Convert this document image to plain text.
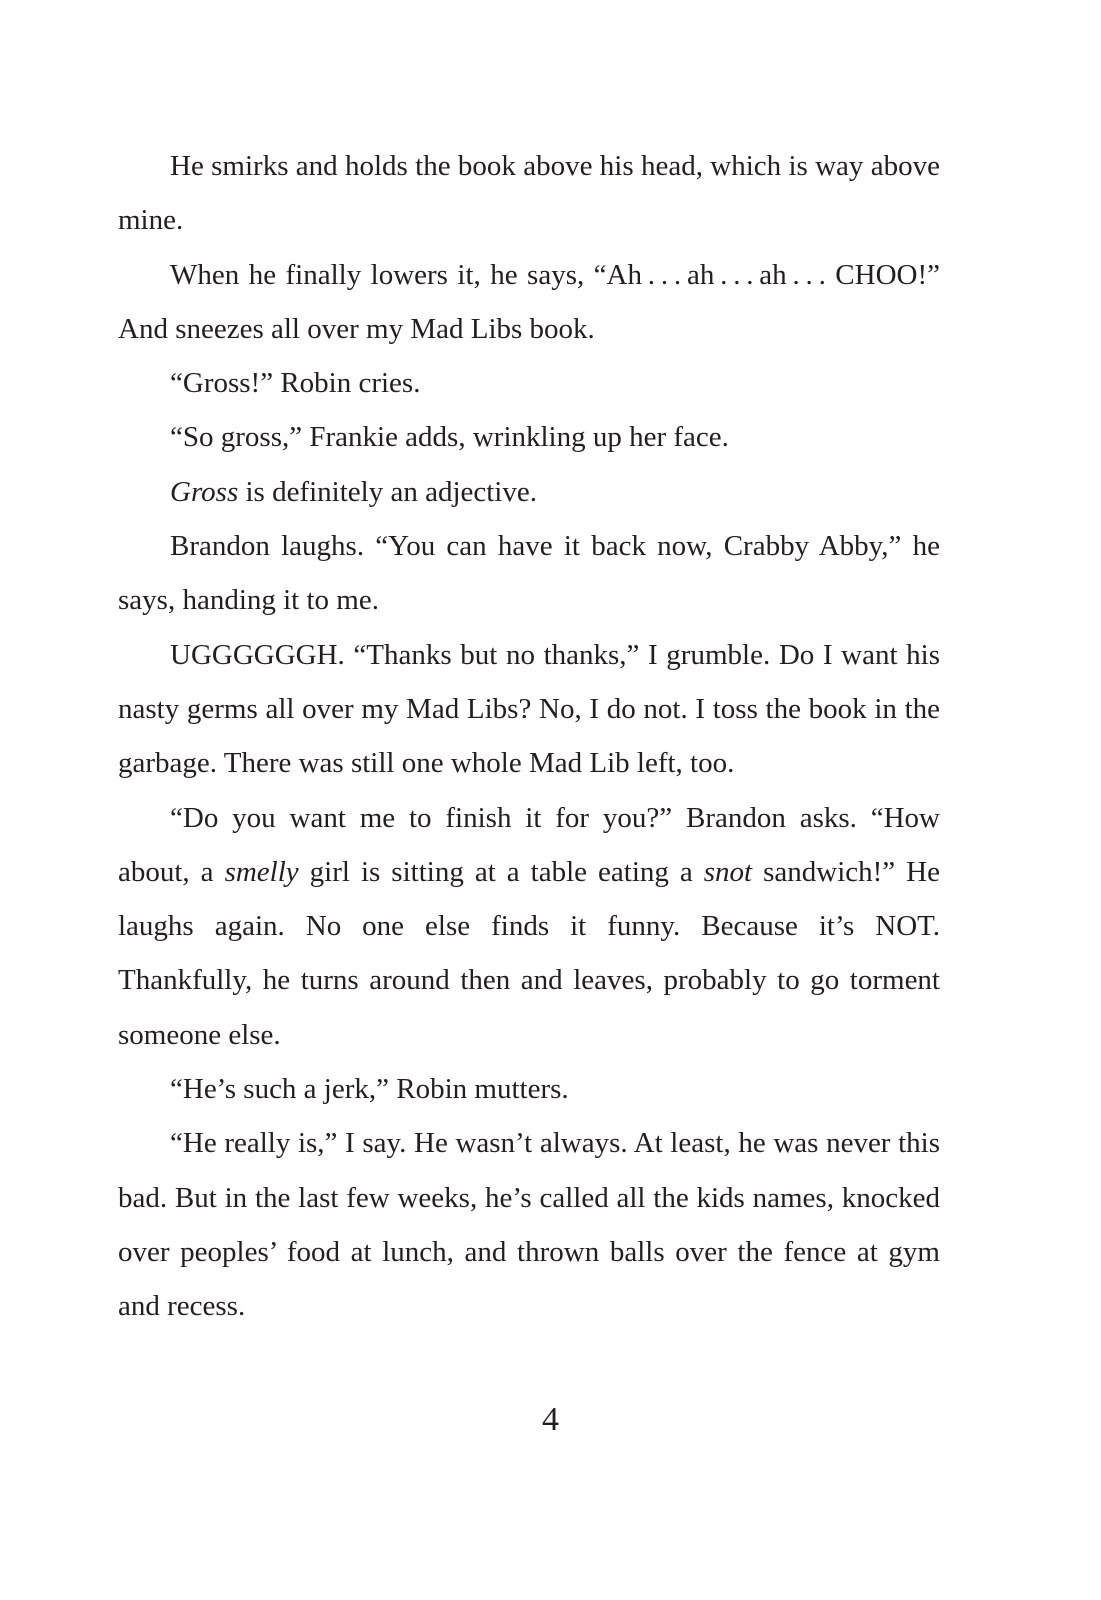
He smirks and holds the book above his head, which is way above mine.

When he finally lowers it, he says, “Ah . . . ah . . . ah . . . CHOO!” And sneezes all over my Mad Libs book.

“Gross!” Robin cries.

“So gross,” Frankie adds, wrinkling up her face.

Gross is definitely an adjective.

Brandon laughs. “You can have it back now, Crabby Abby,” he says, handing it to me.

UGGGGGGH. “Thanks but no thanks,” I grumble. Do I want his nasty germs all over my Mad Libs? No, I do not. I toss the book in the garbage. There was still one whole Mad Lib left, too.

“Do you want me to finish it for you?” Brandon asks. “How about, a smelly girl is sitting at a table eating a snot sandwich!” He laughs again. No one else finds it funny. Because it’s NOT. Thankfully, he turns around then and leaves, probably to go torment someone else.

“He’s such a jerk,” Robin mutters.

“He really is,” I say. He wasn’t always. At least, he was never this bad. But in the last few weeks, he’s called all the kids names, knocked over peoples’ food at lunch, and thrown balls over the fence at gym and recess.

4
